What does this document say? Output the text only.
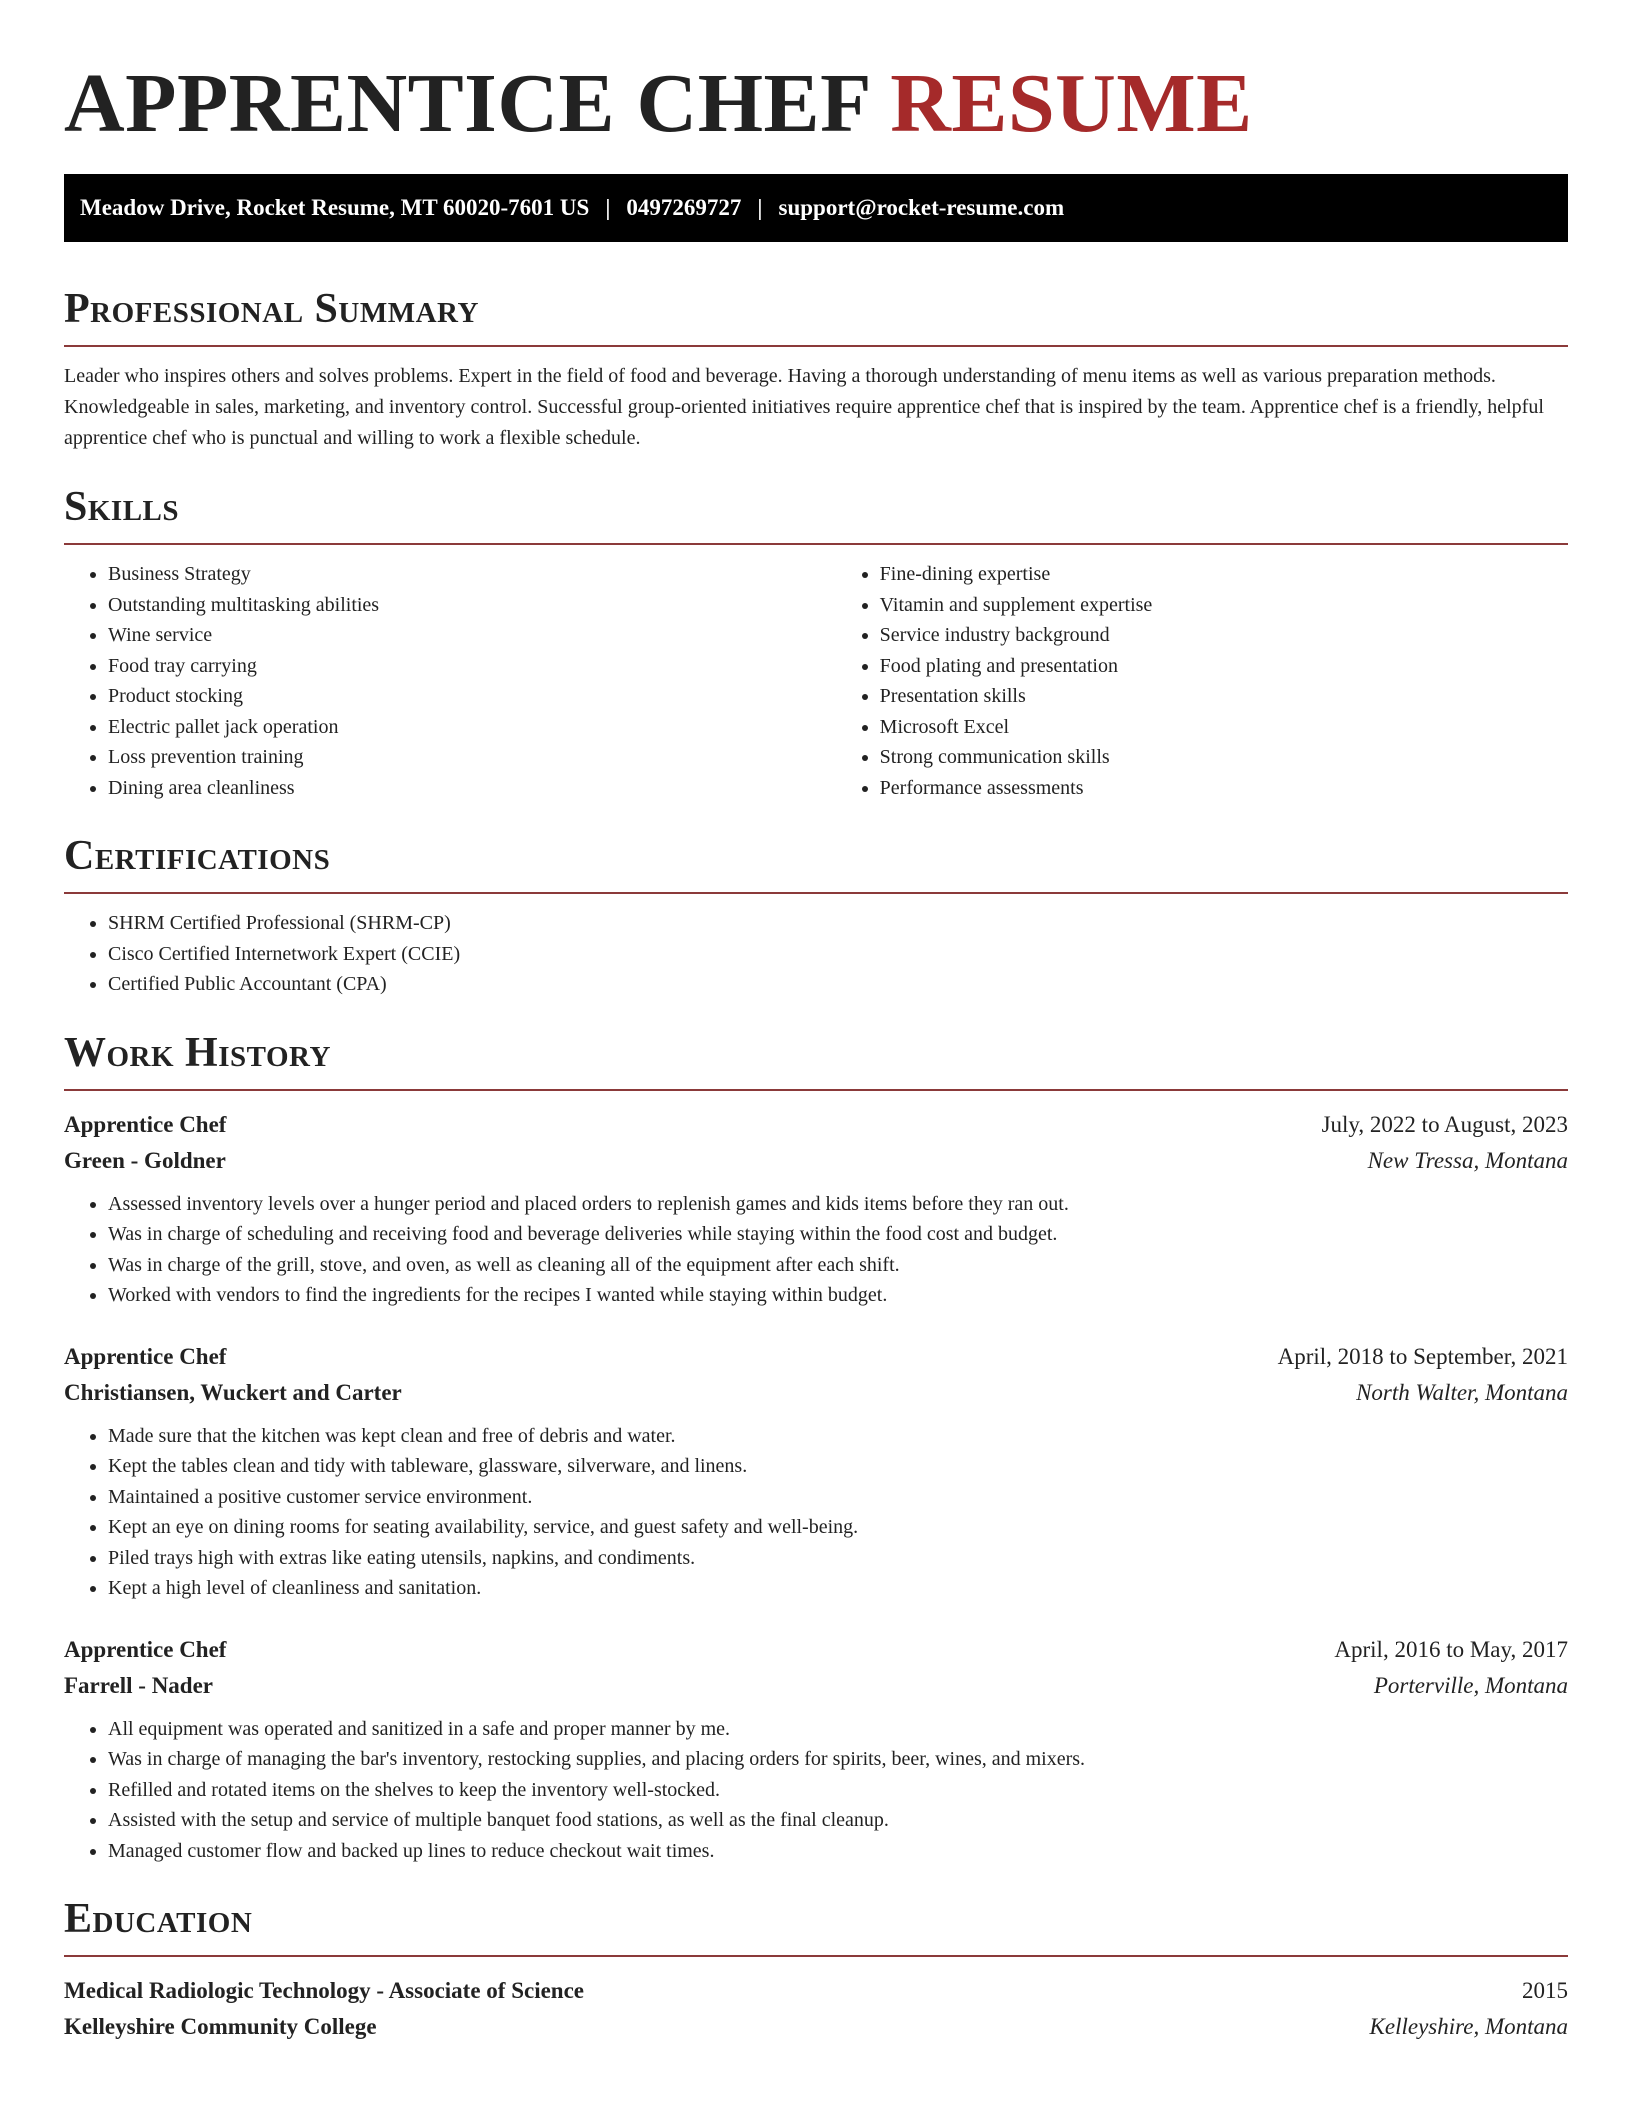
APPRENTICE CHEF RESUME
Meadow Drive, Rocket Resume, MT 60020-7601 US | 0497269727 | support@rocket-resume.com
Professional Summary

Leader who inspires others and solves problems. Expert in the field of food and beverage. Having a thorough understanding of menu items as well as various preparation methods. Knowledgeable in sales, marketing, and inventory control. Successful group-oriented initiatives require apprentice chef that is inspired by the team. Apprentice chef is a friendly, helpful apprentice chef who is punctual and willing to work a flexible schedule.

Skills
• Business Strategy
• Outstanding multitasking abilities
• Wine service
• Food tray carrying
• Product stocking
• Electric pallet jack operation
• Loss prevention training
• Dining area cleanliness
• Fine-dining expertise
• Vitamin and supplement expertise
• Service industry background
• Food plating and presentation
• Presentation skills
• Microsoft Excel
• Strong communication skills
• Performance assessments
Certifications
• SHRM Certified Professional (SHRM-CP)
• Cisco Certified Internetwork Expert (CCIE)
• Certified Public Accountant (CPA)
Work History
Apprentice Chef	July, 2022 to August, 2023
Green - Goldner	New Tressa, Montana
• Assessed inventory levels over a hunger period and placed orders to replenish games and kids items before they ran out.
• Was in charge of scheduling and receiving food and beverage deliveries while staying within the food cost and budget.
• Was in charge of the grill, stove, and oven, as well as cleaning all of the equipment after each shift.
• Worked with vendors to find the ingredients for the recipes I wanted while staying within budget.
Apprentice Chef	April, 2018 to September, 2021
Christiansen, Wuckert and Carter	North Walter, Montana
• Made sure that the kitchen was kept clean and free of debris and water.
• Kept the tables clean and tidy with tableware, glassware, silverware, and linens.
• Maintained a positive customer service environment.
• Kept an eye on dining rooms for seating availability, service, and guest safety and well-being.
• Piled trays high with extras like eating utensils, napkins, and condiments.
• Kept a high level of cleanliness and sanitation.
Apprentice Chef	April, 2016 to May, 2017
Farrell - Nader	Porterville, Montana
• All equipment was operated and sanitized in a safe and proper manner by me.
• Was in charge of managing the bar's inventory, restocking supplies, and placing orders for spirits, beer, wines, and mixers.
• Refilled and rotated items on the shelves to keep the inventory well-stocked.
• Assisted with the setup and service of multiple banquet food stations, as well as the final cleanup.
• Managed customer flow and backed up lines to reduce checkout wait times.
Education
Medical Radiologic Technology - Associate of Science	2015
Kelleyshire Community College	Kelleyshire, Montana
